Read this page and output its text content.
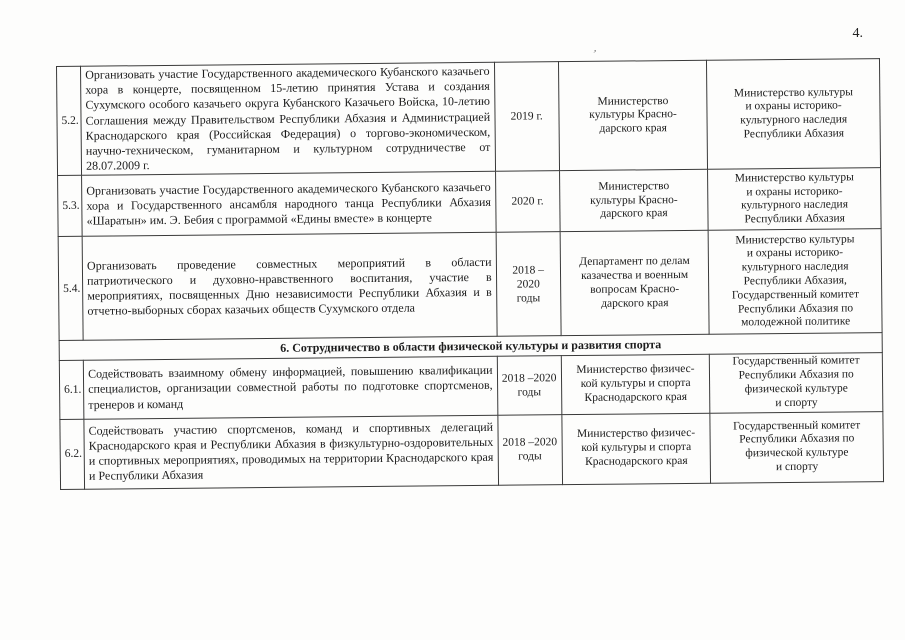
4.
’
5.2.	Организовать участие Государственного академического Кубанского казачьего хора в концерте, посвященном 15-летию принятия Устава и создания Сухумского особого казачьего округа Кубанского Казачьего Войска, 10-летию Соглашения между Правительством Республики Абхазия и Администрацией Краснодарского края (Российская Федерация) о торгово-экономическом, научно-техническом, гуманитарном и культурном сотрудничестве от 28.07.2009 г.	2019 г.	Министерство
культуры Красно-
дарского края	Министерство культуры
и охраны историко-
культурного наследия
Республики Абхазия
5.3.	Организовать участие Государственного академического Кубанского казачьего хора и Государственного ансамбля народного танца Республики Абхазия «Шаратын» им. Э. Бебия с программой «Едины вместе» в концерте	2020 г.	Министерство
культуры Красно-
дарского края	Министерство культуры
и охраны историко-
культурного наследия
Республики Абхазия
5.4.	Организовать проведение совместных мероприятий в области патриотического и духовно-нравственного воспитания, участие в мероприятиях, посвященных Дню независимости Республики Абхазия и в отчетно-выборных сборах казачьих обществ Сухумского отдела	2018 – 2020
годы	Департамент по делам
казачества и военным
вопросам Красно-
дарского края	Министерство культуры
и охраны историко-
культурного наследия
Республики Абхазия,
Государственный комитет
Республики Абхазия по
молодежной политике
6. Сотрудничество в области физической культуры и развития спорта				
6.1.	Содействовать взаимному обмену информацией, повышению квалификации специалистов, организации совместной работы по подготовке спортсменов, тренеров и команд	2018 –2020
годы	Министерство физичес-
кой культуры и спорта
Краснодарского края	Государственный комитет
Республики Абхазия по
физической культуре
и спорту
6.2.	Содействовать участию спортсменов, команд и спортивных делегаций Краснодарского края и Республики Абхазия в физкультурно-оздоровительных и спортивных мероприятиях, проводимых на территории Краснодарского края и Республики Абхазия	2018 –2020
годы	Министерство физичес-
кой культуры и спорта
Краснодарского края	Государственный комитет
Республики Абхазия по
физической культуре
и спорту
